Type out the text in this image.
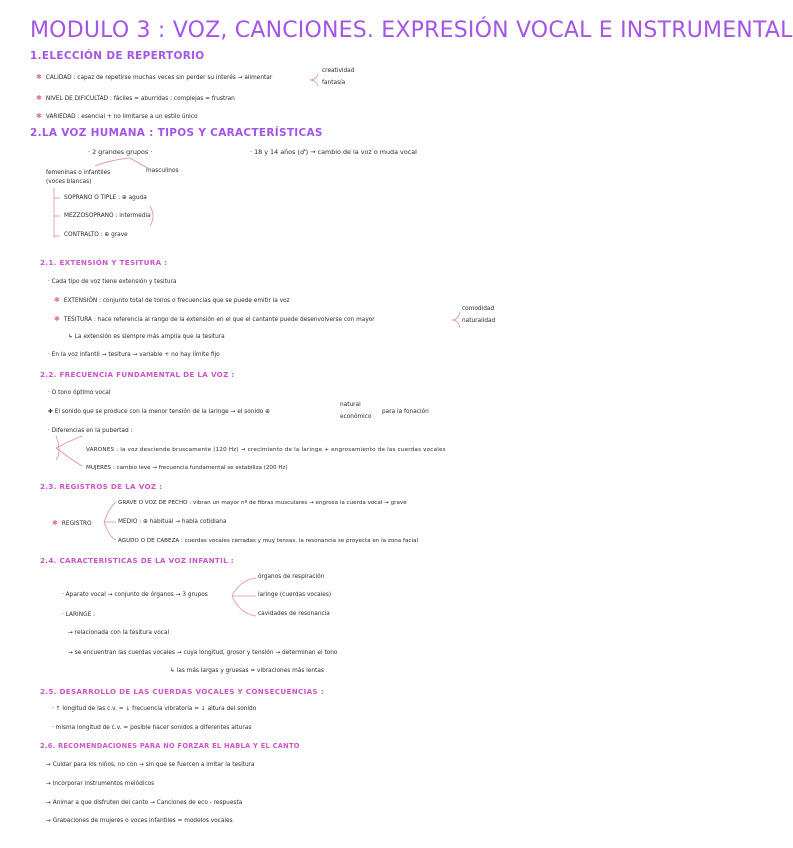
MODULO 3 : VOZ, CANCIONES. EXPRESIÓN VOCAL E INSTRUMENTAL
1.ELECCIÓN DE REPERTORIO
✱ CALIDAD : capaz de repetirse muchas veces sin perder su interés → alimentar
creatividad
fantasía
✱ NIVEL DE DIFICULTAD : fáciles = aburridas ; complejas = frustran
✱ VARIEDAD : esencial + no limitarse a un estilo único
2.LA VOZ HUMANA : TIPOS Y CARACTERÍSTICAS
· 2 grandes grupos ·	· 18 y 14 años (♂) → cambio de la voz o muda vocal
femeninas o infantiles
(voces blancas)
masculinos
SOPRANO O TIPLE : ⊕ aguda
MEZZOSOPRANO : intermedia
CONTRALTO : ⊕ grave
2.1. EXTENSIÓN Y TESITURA :
· Cada tipo de voz tiene extensión y tesitura
✱ EXTENSIÓN : conjunto total de tonos o frecuencias que se puede emitir la voz
✱ TESITURA : hace referencia al rango de la extensión en el que el cantante puede desenvolverse con mayor
comodidad
naturalidad
↳ La extensión es siempre más amplia que la tesitura
· En la voz infantil → tesitura → variable + no hay límite fijo
2.2. FRECUENCIA FUNDAMENTAL DE LA VOZ :
· O tono óptimo vocal
✚ El sonido que se produce con la menor tensión de la laringe → el sonido ⊕
natural
económico
para la fonación
· Diferencias en la pubertad :
VARONES : la voz desciende bruscamente (120 Hz) → crecimiento de la laringe + engrosamiento de las cuerdas vocales
MUJERES : cambio leve → frecuencia fundamental se estabiliza (200 Hz)
2.3. REGISTROS DE LA VOZ :
✱ REGISTRO
GRAVE O VOZ DE PECHO : vibran un mayor nº de fibras musculares → engrosa la cuerda vocal → grave
MEDIO : ⊕ habitual → habla cotidiana
AGUDO O DE CABEZA : cuerdas vocales cerradas y muy tensas, la resonancia se proyecta en la zona facial
2.4. CARACTERÍSTICAS DE LA VOZ INFANTIL :
· Aparato vocal → conjunto de órganos → 3 grupos
órganos de respiración
laringe (cuerdas vocales)
cavidades de resonancia
· LARINGE :
→ relacionada con la tesitura vocal
→ se encuentran las cuerdas vocales → cuya longitud, grosor y tensión → determinan el tono
↳ las más largas y gruesas = vibraciones más lentas
2.5. DESARROLLO DE LAS CUERDAS VOCALES Y CONSECUENCIAS :
· ↑ longitud de las c.v. = ↓ frecuencia vibratoria = ↓ altura del sonido
· misma longitud de c.v. = posible hacer sonidos a diferentes alturas
2.6. RECOMENDACIONES PARA NO FORZAR EL HABLA Y EL CANTO
→ Cuidar para los niños, no con → sin que se fuercen a imitar la tesitura
→ Incorporar instrumentos melódicos
→ Animar a que disfruten del canto → Canciones de eco - respuesta
→ Grabaciones de mujeres o voces infantiles = modelos vocales
